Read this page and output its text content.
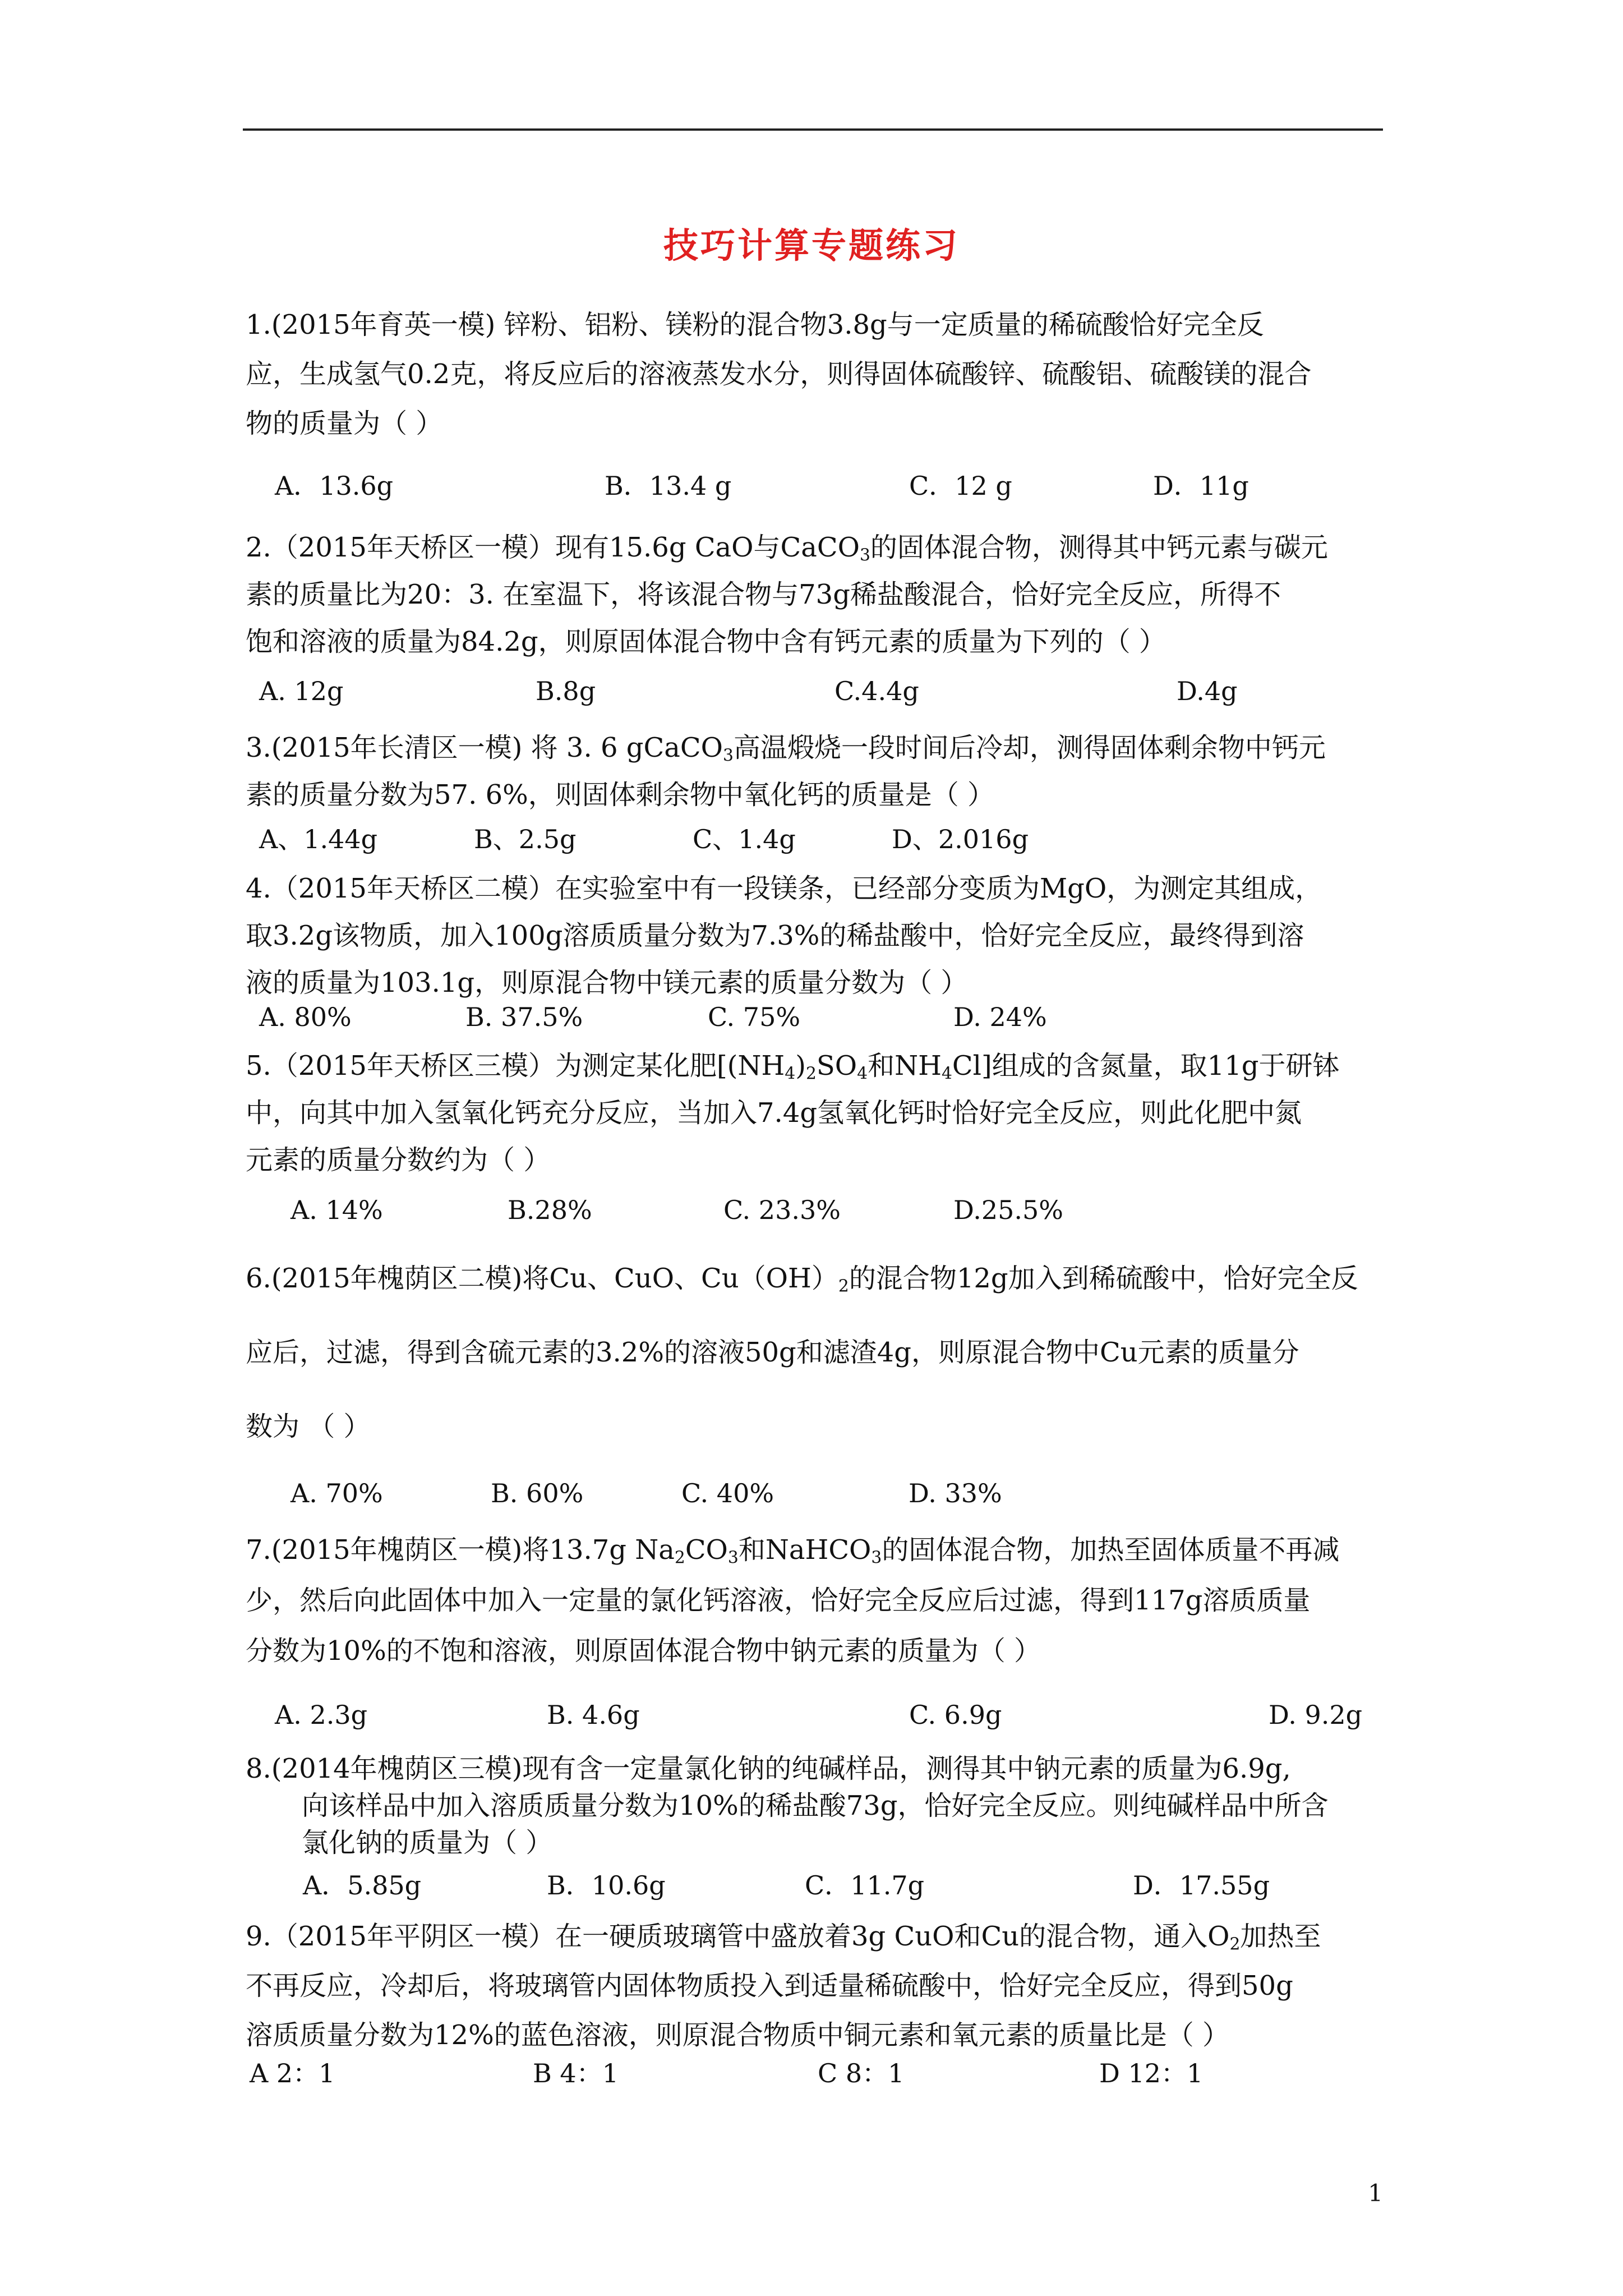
技巧计算专题练习

1.(2015年育英一模) 锌粉、铝粉、镁粉的混合物3.8g与一定质量的稀硫酸恰好完全反

应，生成氢气0.2克，将反应后的溶液蒸发水分，则得固体硫酸锌、硫酸铝、硫酸镁的混合

物的质量为（ ）

A．13.6g	B．13.4 g	C．12 g	D．11g

2.（2015年天桥区一模）现有15.6g CaO与CaCO$_3$的固体混合物，测得其中钙元素与碳元

素的质量比为20：3. 在室温下，将该混合物与73g稀盐酸混合，恰好完全反应，所得不

饱和溶液的质量为84.2g，则原固体混合物中含有钙元素的质量为下列的（ ）

A. 12g	B.8g	C.4.4g	D.4g

3.(2015年长清区一模) 将 3. 6 gCaCO$_3$高温煅烧一段时间后冷却，测得固体剩余物中钙元

素的质量分数为57. 6%，则固体剩余物中氧化钙的质量是（ ）

A、1.44g	B、2.5g	C、1.4g	D、2.016g

4.（2015年天桥区二模）在实验室中有一段镁条，已经部分变质为MgO，为测定其组成，

取3.2g该物质，加入100g溶质质量分数为7.3%的稀盐酸中，恰好完全反应，最终得到溶

液的质量为103.1g，则原混合物中镁元素的质量分数为（ ）

A. 80%	B. 37.5%	C. 75%	D. 24%

5.（2015年天桥区三模）为测定某化肥[$(NH_4)_2SO_4$和$NH_4Cl$]组成的含氮量，取11g于研钵

中，向其中加入氢氧化钙充分反应，当加入7.4g氢氧化钙时恰好完全反应，则此化肥中氮

元素的质量分数约为（ ）

A. 14%	B.28%	C. 23.3%	D.25.5%

6.(2015年槐荫区二模)将Cu、CuO、$Cu(OH)_2$的混合物12g加入到稀硫酸中，恰好完全反

应后，过滤，得到含硫元素的3.2%的溶液50g和滤渣4g，则原混合物中Cu元素的质量分

数为 （ ）

A. 70%	B. 60%	C. 40%	D. 33%

7.(2015年槐荫区一模)将13.7g $Na_2CO_3$和NaHCO$_3$的固体混合物，加热至固体质量不再减

少，然后向此固体中加入一定量的氯化钙溶液，恰好完全反应后过滤，得到117g溶质质量

分数为10%的不饱和溶液，则原固体混合物中钠元素的质量为（ ）

A. 2.3g	B. 4.6g	C. 6.9g	D. 9.2g

8.(2014年槐荫区三模)现有含一定量氯化钠的纯碱样品，测得其中钠元素的质量为6.9g,

向该样品中加入溶质质量分数为10%的稀盐酸73g，恰好完全反应。则纯碱样品中所含

氯化钠的质量为（ ）

A．5.85g	B．10.6g	C．11.7g	D．17.55g

9.（2015年平阴区一模）在一硬质玻璃管中盛放着3g CuO和Cu的混合物，通入$O_2$加热至

不再反应，冷却后，将玻璃管内固体物质投入到适量稀硫酸中，恰好完全反应，得到50g

溶质质量分数为12%的蓝色溶液，则原混合物质中铜元素和氧元素的质量比是（ ）

A 2：1	B 4：1	C 8：1	D 12：1
1
